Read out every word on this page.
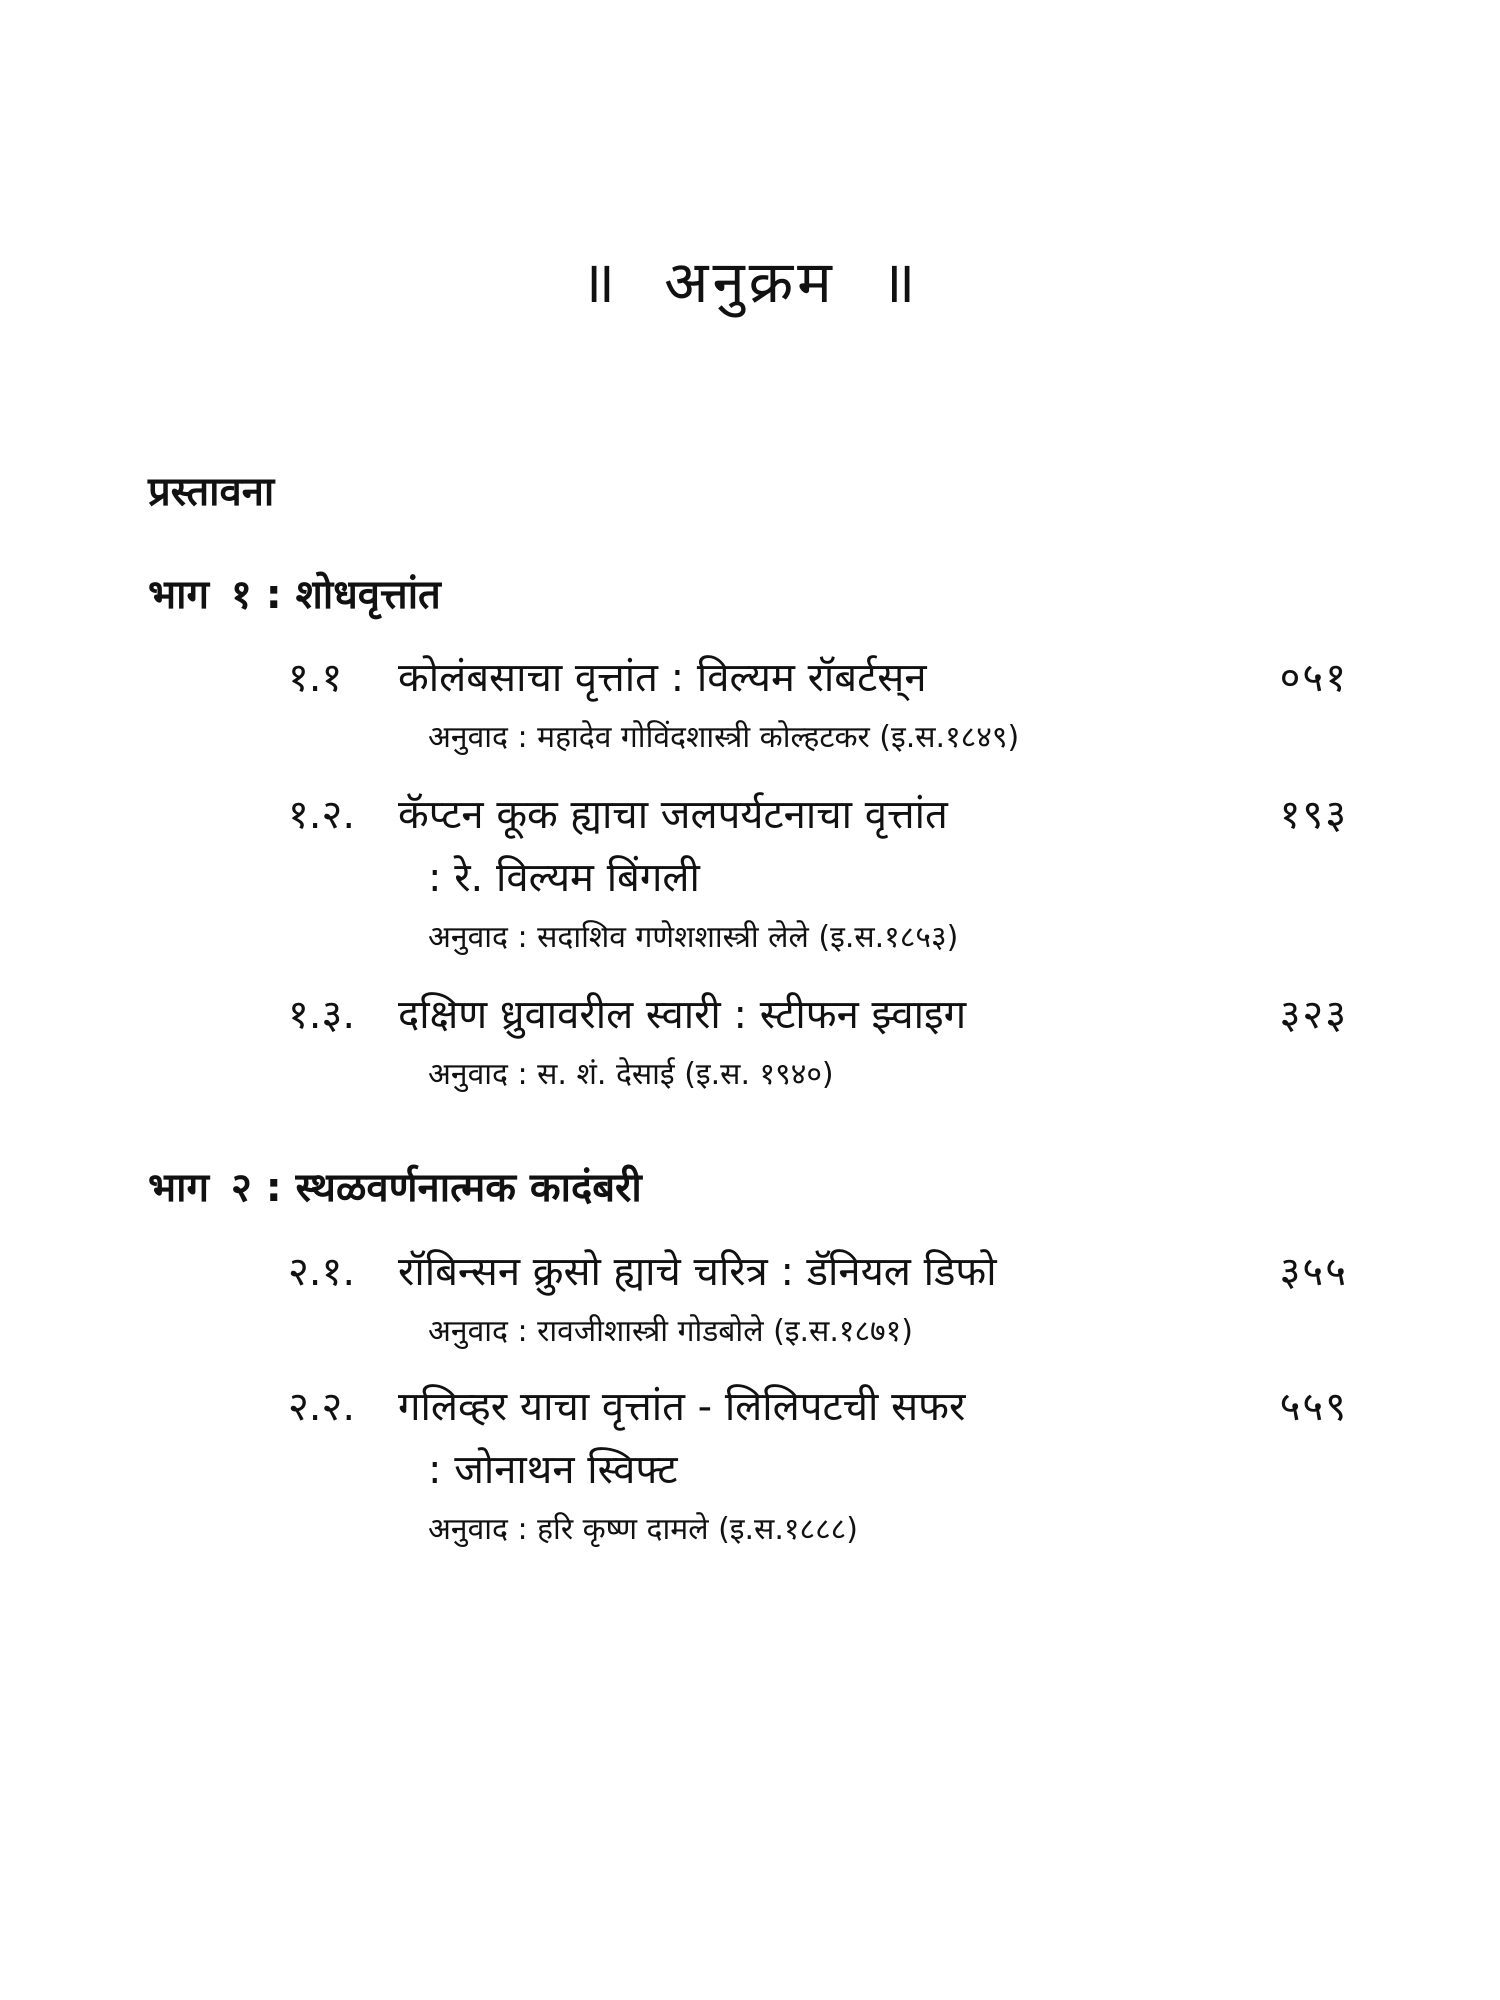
॥  अनुक्रम  ॥
प्रस्तावना
भाग १ : शोधवृत्तांत
१.१ कोलंबसाचा वृत्तांत : विल्यम रॉबर्टस्‌न	०५१
अनुवाद : महादेव गोविंदशास्त्री कोल्हटकर (इ.स.१८४९)
१.२. कॅप्टन कूक ह्याचा जलपर्यटनाचा वृत्तांत	१९३
: रे. विल्यम बिंगली
अनुवाद : सदाशिव गणेशशास्त्री लेले (इ.स.१८५३)
१.३. दक्षिण ध्रुवावरील स्वारी : स्टीफन झ्वाइग	३२३
अनुवाद : स. शं. देसाई (इ.स. १९४०)
भाग २ : स्थळवर्णनात्मक कादंबरी
२.१. रॉबिन्सन क्रुसो ह्याचे चरित्र : डॅनियल डिफो	३५५
अनुवाद : रावजीशास्त्री गोडबोले (इ.स.१८७१)
२.२. गलिव्हर याचा वृत्तांत - लिलिपटची सफर	५५९
: जोनाथन स्विफ्ट
अनुवाद : हरि कृष्ण दामले (इ.स.१८८८)
